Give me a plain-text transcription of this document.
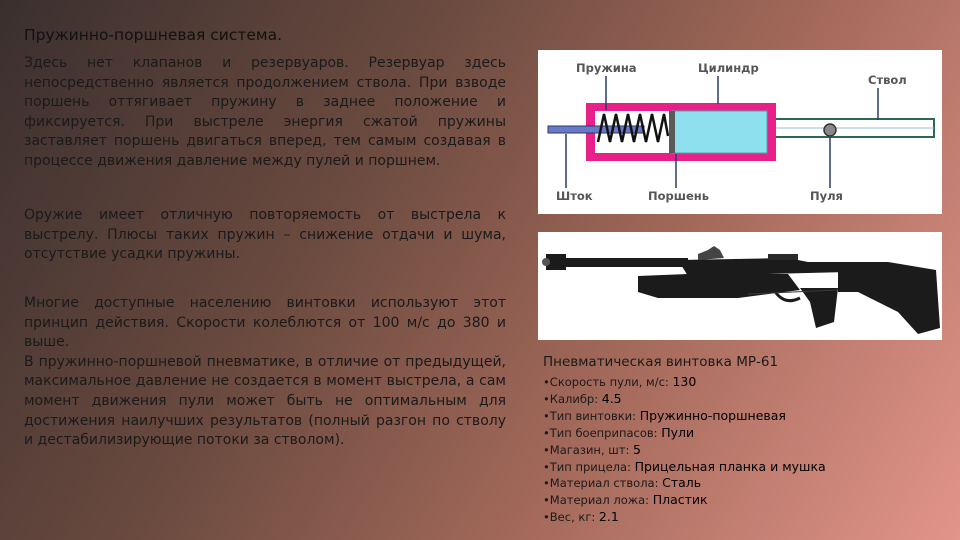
Пружинно-поршневая система.
Здесь нет клапанов и резервуаров. Резервуар здесь непосредственно является продолжением ствола. При взводе поршень оттягивает пружину в заднее положение и фиксируется. При выстреле энергия сжатой пружины заставляет поршень двигаться вперед, тем самым создавая в процессе движения давление между пулей и поршнем.
Оружие имеет отличную повторяемость от выстрела к выстрелу. Плюсы таких пружин – снижение отдачи и шума, отсутствие усадки пружины.
Многие доступные населению винтовки используют этот принцип действия. Скорости колеблются от 100 м/с до 380 и выше.
В пружинно-поршневой пневматике, в отличие от предыдущей, максимальное давление не создается в момент выстрела, а сам момент движения пули может быть не оптимальным для достижения наилучших результатов (полный разгон по стволу и дестабилизирующие потоки за стволом).
Пружина	Цилиндр
Ствол
Шток	Поршень	Пуля
Пневматическая винтовка МР-61
•Скорость пули, м/с: 130
•Калибр: 4.5
•Тип винтовки: Пружинно-поршневая
•Тип боеприпасов: Пули
•Магазин, шт: 5
•Тип прицела: Прицельная планка и мушка
•Материал ствола: Сталь
•Материал ложа: Пластик
•Вес, кг: 2.1
